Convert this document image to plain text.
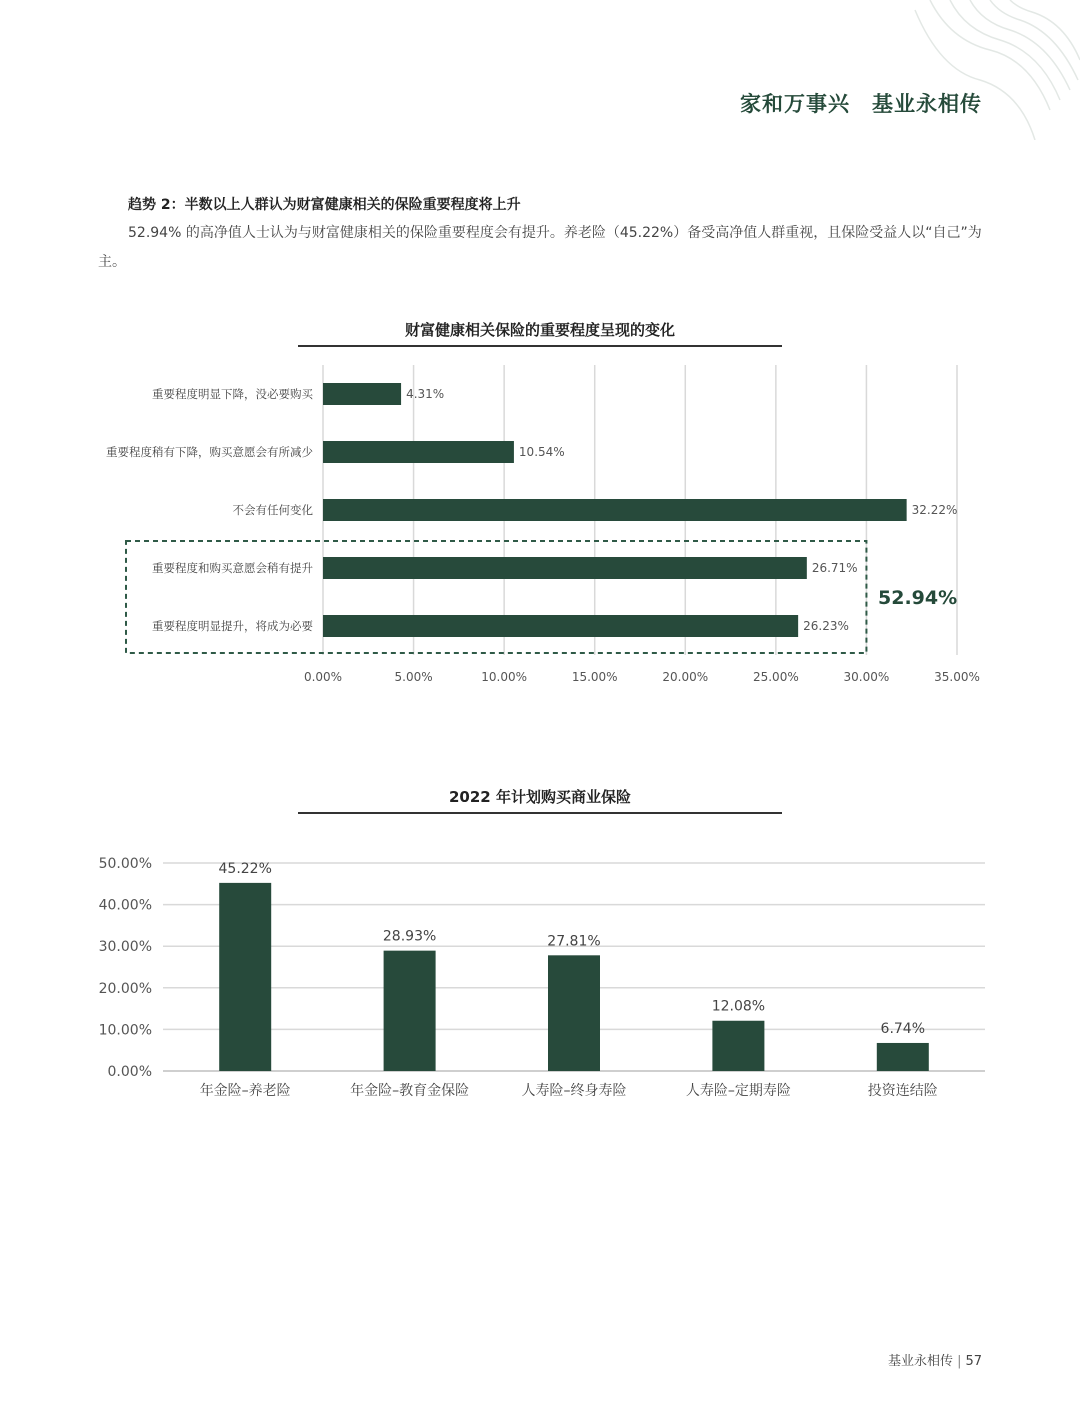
家和万事兴　基业永相传
趋势 2：半数以上人群认为财富健康相关的保险重要程度将上升

52.94% 的高净值人士认为与财富健康相关的保险重要程度会有提升。养老险（45.22%）备受高净值人群重视，且保险受益人以“自己”为主。

财富健康相关保险的重要程度呈现的变化
0.00%	5.00%	10.00%	15.00%	20.00%	25.00%	30.00%	35.00%
重要程度明显下降，没必要购买	4.31%
重要程度稍有下降，购买意愿会有所减少	10.54%
不会有任何变化	32.22%
重要程度和购买意愿会稍有提升	26.71%
重要程度明显提升，将成为必要	26.23%
52.94%
2022 年计划购买商业保险
0.00%
10.00%
20.00%
30.00%
40.00%
50.00%	45.22%
年金险–养老险
28.93%
年金险–教育金保险
27.81%
人寿险–终身寿险
12.08%
人寿险–定期寿险
6.74%
投资连结险
基业永相传 | 57
